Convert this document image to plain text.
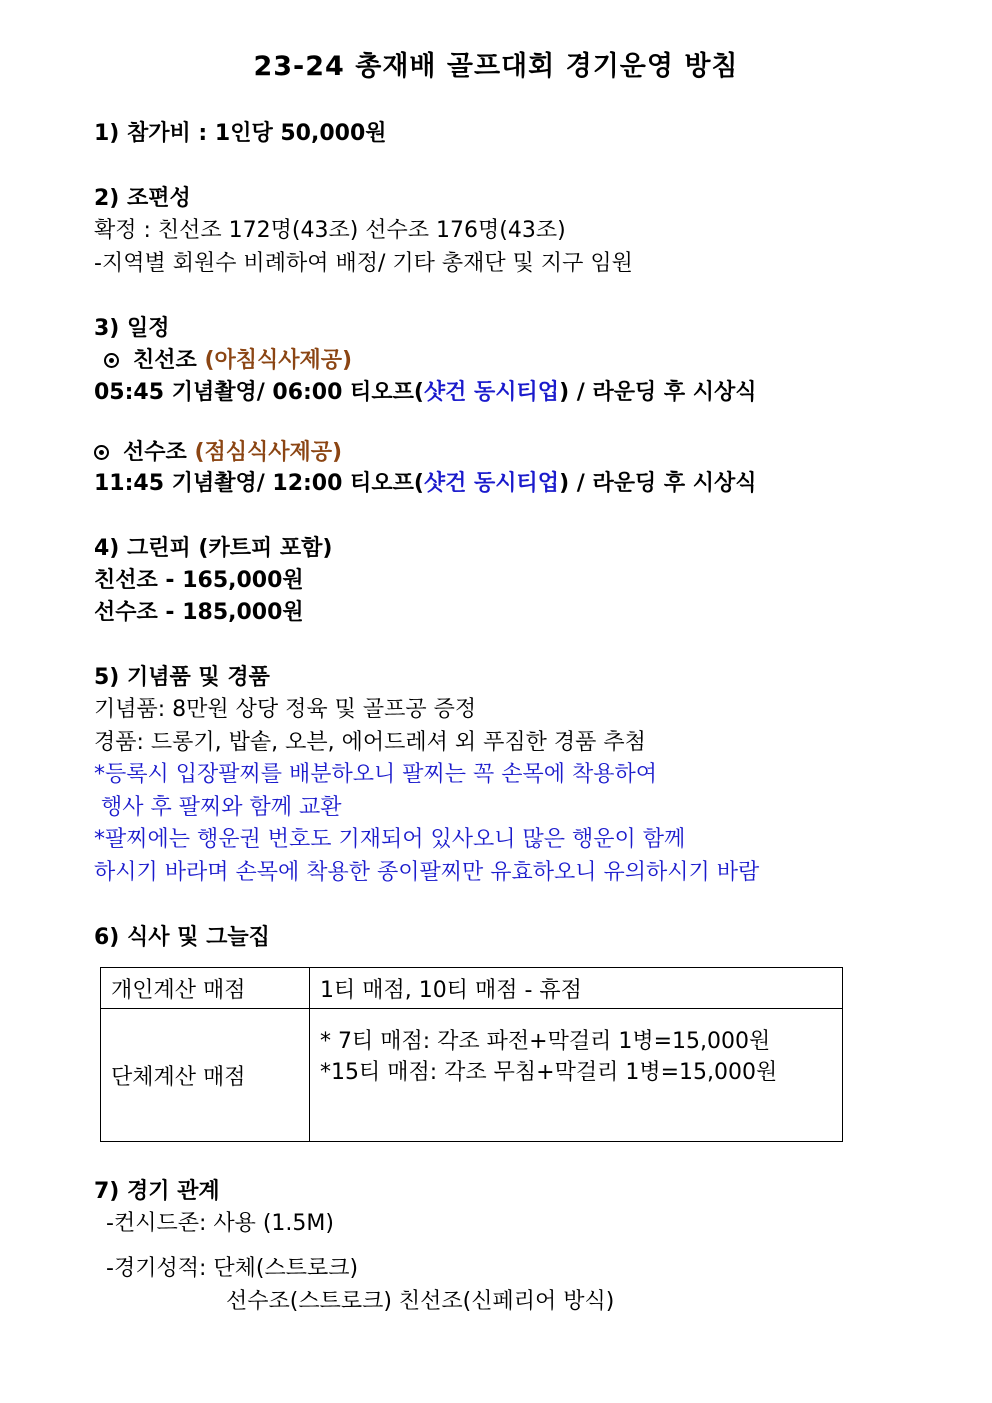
23-24 총재배 골프대회 경기운영 방침
1) 참가비 : 1인당 50,000원
2) 조편성
확정 : 친선조 172명(43조) 선수조 176명(43조)
-지역별 회원수 비례하여 배정/ 기타 총재단 및 지구 임원
3) 일정
친선조 (아침식사제공)
05:45 기념촬영/ 06:00 티오프(샷건 동시티업) / 라운딩 후 시상식
선수조 (점심식사제공)
11:45 기념촬영/ 12:00 티오프(샷건 동시티업) / 라운딩 후 시상식
4) 그린피 (카트피 포함)
친선조 - 165,000원
선수조 - 185,000원
5) 기념품 및 경품
기념품: 8만원 상당 정육 및 골프공 증정
경품: 드롱기, 밥솥, 오븐, 에어드레셔 외 푸짐한 경품 추첨
*등록시 입장팔찌를 배분하오니 팔찌는 꼭 손목에 착용하여
행사 후 팔찌와 함께 교환
*팔찌에는 행운권 번호도 기재되어 있사오니 많은 행운이 함께
하시기 바라며 손목에 착용한 종이팔찌만 유효하오니 유의하시기 바람
6) 식사 및 그늘집
개인계산 매점	1티 매점, 10티 매점 - 휴점
단체계산 매점	* 7티 매점: 각조 파전+막걸리 1병=15,000원
*15티 매점: 각조 무침+막걸리 1병=15,000원
7) 경기 관계
-컨시드존: 사용 (1.5M)
-경기성적: 단체(스트로크)
선수조(스트로크) 친선조(신페리어 방식)
